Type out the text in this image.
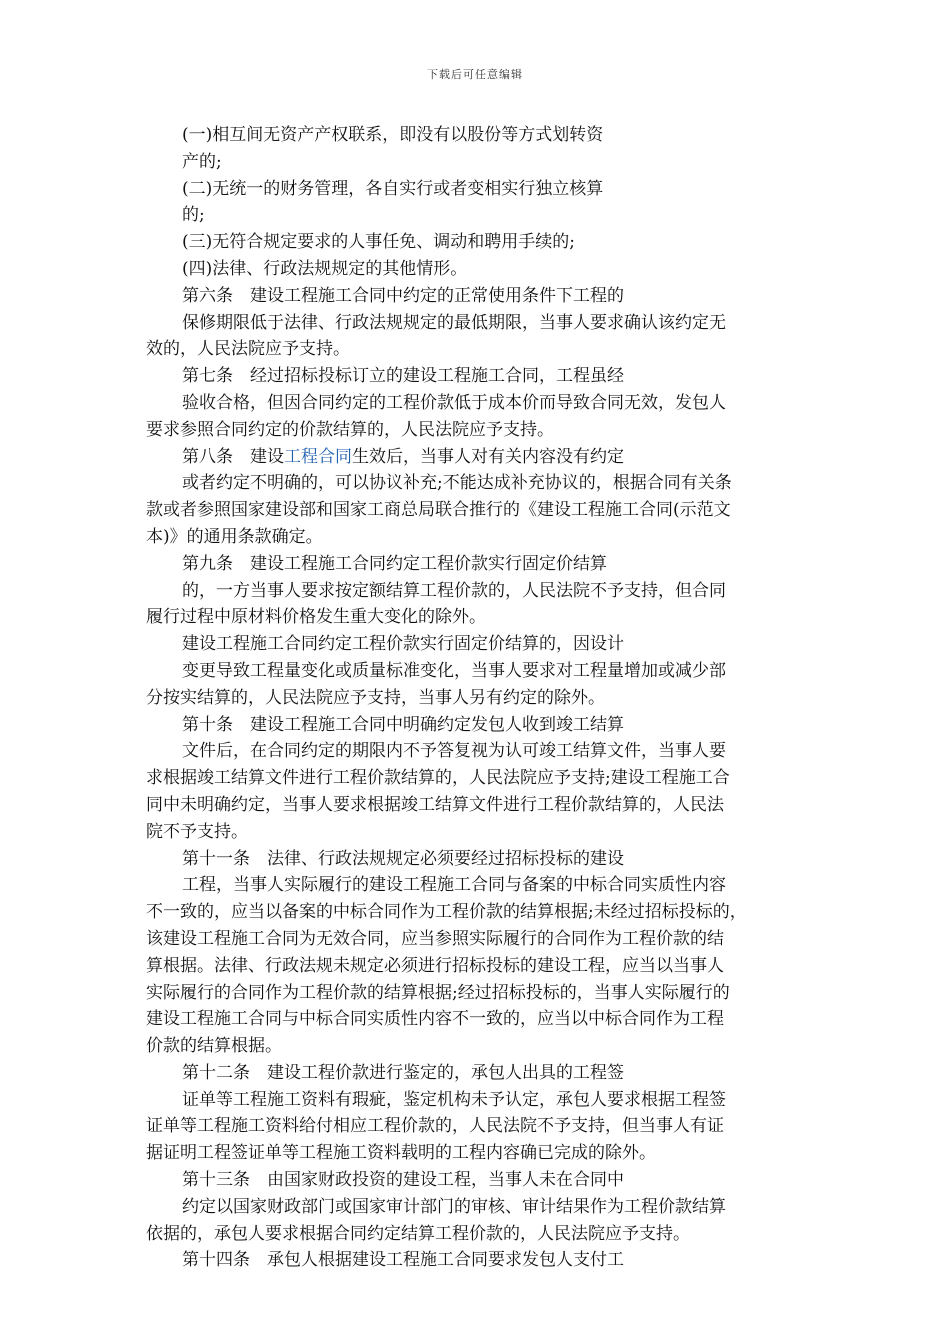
下载后可任意编辑
(一)相互间无资产产权联系，即没有以股份等方式划转资
产的;
(二)无统一的财务管理，各自实行或者变相实行独立核算
的;
(三)无符合规定要求的人事任免、调动和聘用手续的;
(四)法律、行政法规规定的其他情形。
第六条　建设工程施工合同中约定的正常使用条件下工程的
保修期限低于法律、行政法规规定的最低期限，当事人要求确认该约定无
效的，人民法院应予支持。
第七条　经过招标投标订立的建设工程施工合同，工程虽经
验收合格，但因合同约定的工程价款低于成本价而导致合同无效，发包人
要求参照合同约定的价款结算的，人民法院应予支持。
第八条　建设工程合同生效后，当事人对有关内容没有约定
或者约定不明确的，可以协议补充;不能达成补充协议的，根据合同有关条
款或者参照国家建设部和国家工商总局联合推行的《建设工程施工合同(示范文
本)》的通用条款确定。
第九条　建设工程施工合同约定工程价款实行固定价结算
的，一方当事人要求按定额结算工程价款的，人民法院不予支持，但合同
履行过程中原材料价格发生重大变化的除外。
建设工程施工合同约定工程价款实行固定价结算的，因设计
变更导致工程量变化或质量标准变化，当事人要求对工程量增加或减少部
分按实结算的，人民法院应予支持，当事人另有约定的除外。
第十条　建设工程施工合同中明确约定发包人收到竣工结算
文件后，在合同约定的期限内不予答复视为认可竣工结算文件，当事人要
求根据竣工结算文件进行工程价款结算的，人民法院应予支持;建设工程施工合
同中未明确约定，当事人要求根据竣工结算文件进行工程价款结算的，人民法
院不予支持。
第十一条　法律、行政法规规定必须要经过招标投标的建设
工程，当事人实际履行的建设工程施工合同与备案的中标合同实质性内容
不一致的，应当以备案的中标合同作为工程价款的结算根据;未经过招标投标的，
该建设工程施工合同为无效合同，应当参照实际履行的合同作为工程价款的结
算根据。法律、行政法规未规定必须进行招标投标的建设工程，应当以当事人
实际履行的合同作为工程价款的结算根据;经过招标投标的，当事人实际履行的
建设工程施工合同与中标合同实质性内容不一致的，应当以中标合同作为工程
价款的结算根据。
第十二条　建设工程价款进行鉴定的，承包人出具的工程签
证单等工程施工资料有瑕疵，鉴定机构未予认定，承包人要求根据工程签
证单等工程施工资料给付相应工程价款的，人民法院不予支持，但当事人有证
据证明工程签证单等工程施工资料载明的工程内容确已完成的除外。
第十三条　由国家财政投资的建设工程，当事人未在合同中
约定以国家财政部门或国家审计部门的审核、审计结果作为工程价款结算
依据的，承包人要求根据合同约定结算工程价款的，人民法院应予支持。
第十四条　承包人根据建设工程施工合同要求发包人支付工
